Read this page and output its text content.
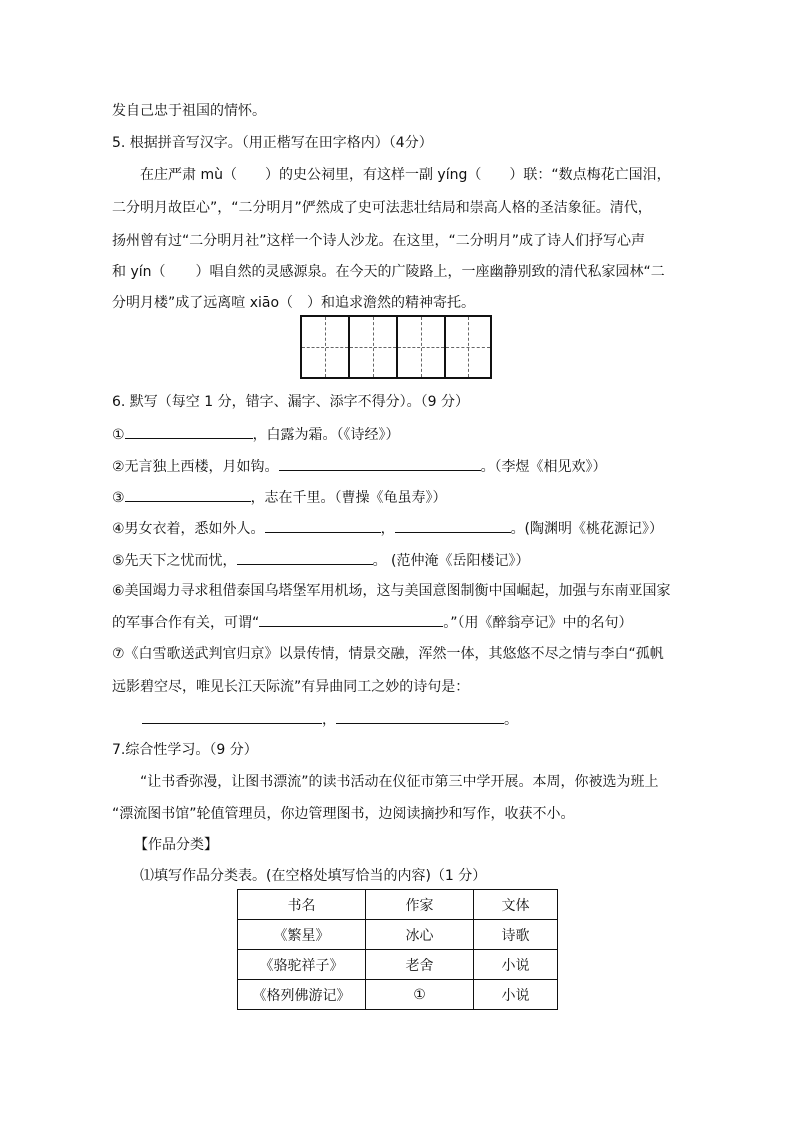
发自己忠于祖国的情怀。
5. 根据拼音写汉字。（用正楷写在田字格内）（4分）
在庄严肃 mù（ ）的史公祠里，有这样一副 yíng（ ）联：“数点梅花亡国泪，
二分明月故臣心”，“二分明月”俨然成了史可法悲壮结局和崇高人格的圣洁象征。清代，
扬州曾有过“二分明月社”这样一个诗人沙龙。在这里，“二分明月”成了诗人们抒写心声
和 yín（ ）唱自然的灵感源泉。在今天的广陵路上，一座幽静别致的清代私家园林“二
分明月楼”成了远离喧 xiāo（ ）和追求澹然的精神寄托。
6. 默写（每空 1 分，错字、漏字、添字不得分）。（9 分）
①	，白露为霜。（《诗经》）
②无言独上西楼，月如钩。	。（李煜《相见欢》）
③	，志在千里。（曹操《龟虽寿》）
④男女衣着，悉如外人。	，	。(陶渊明《桃花源记》）
⑤先天下之忧而忧，	。 (范仲淹《岳阳楼记》）
⑥美国竭力寻求租借泰国乌塔堡军用机场，这与美国意图制衡中国崛起，加强与东南亚国家
的军事合作有关，可谓“	。”（用《醉翁亭记》中的名句）
⑦《白雪歌送武判官归京》以景传情，情景交融，浑然一体，其悠悠不尽之情与李白“孤帆
远影碧空尽，唯见长江天际流”有异曲同工之妙的诗句是：
，	。
7.综合性学习。（9 分）
“让书香弥漫，让图书漂流”的读书活动在仪征市第三中学开展。本周，你被选为班上
“漂流图书馆”轮值管理员，你边管理图书，边阅读摘抄和写作，收获不小。
【作品分类】
⑴填写作品分类表。(在空格处填写恰当的内容)（1 分）
书名	作家	文体
《繁星》	冰心	诗歌
《骆驼祥子》	老舍	小说
《格列佛游记》	①	小说
